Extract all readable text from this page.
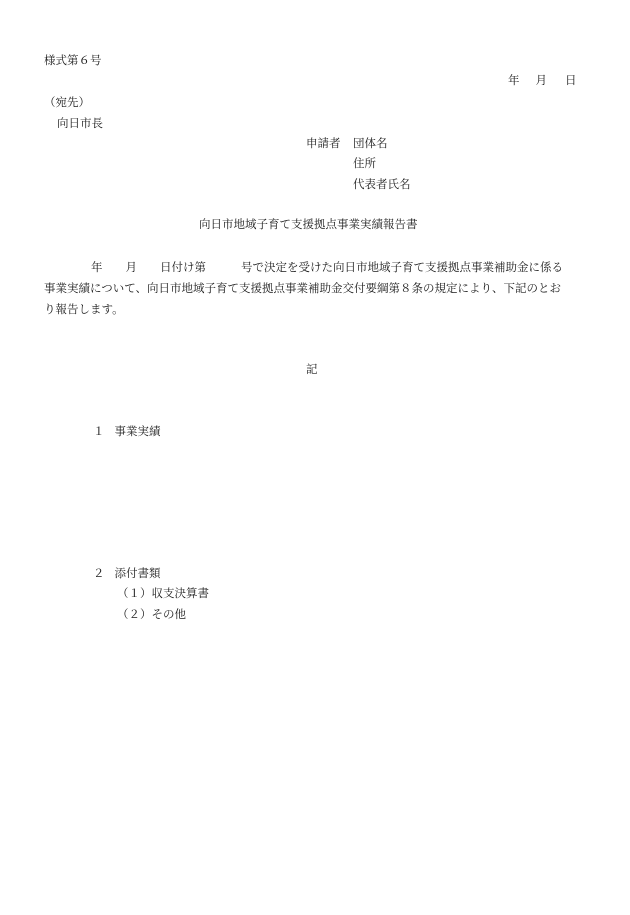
様式第６号
年 月 日
（宛先）
向日市長
申請者 団体名
住所
代表者氏名
向日市地域子育て支援拠点事業実績報告書
年 月 日付け第	号で決定を受けた向日市地域子育て支援拠点事業補助金に係る
事業実績について、向日市地域子育て支援拠点事業補助金交付要綱第８条の規定により、下記のとお
り報告します。
記
１ 事業実績
２ 添付書類
（１）収支決算書
（２）その他
